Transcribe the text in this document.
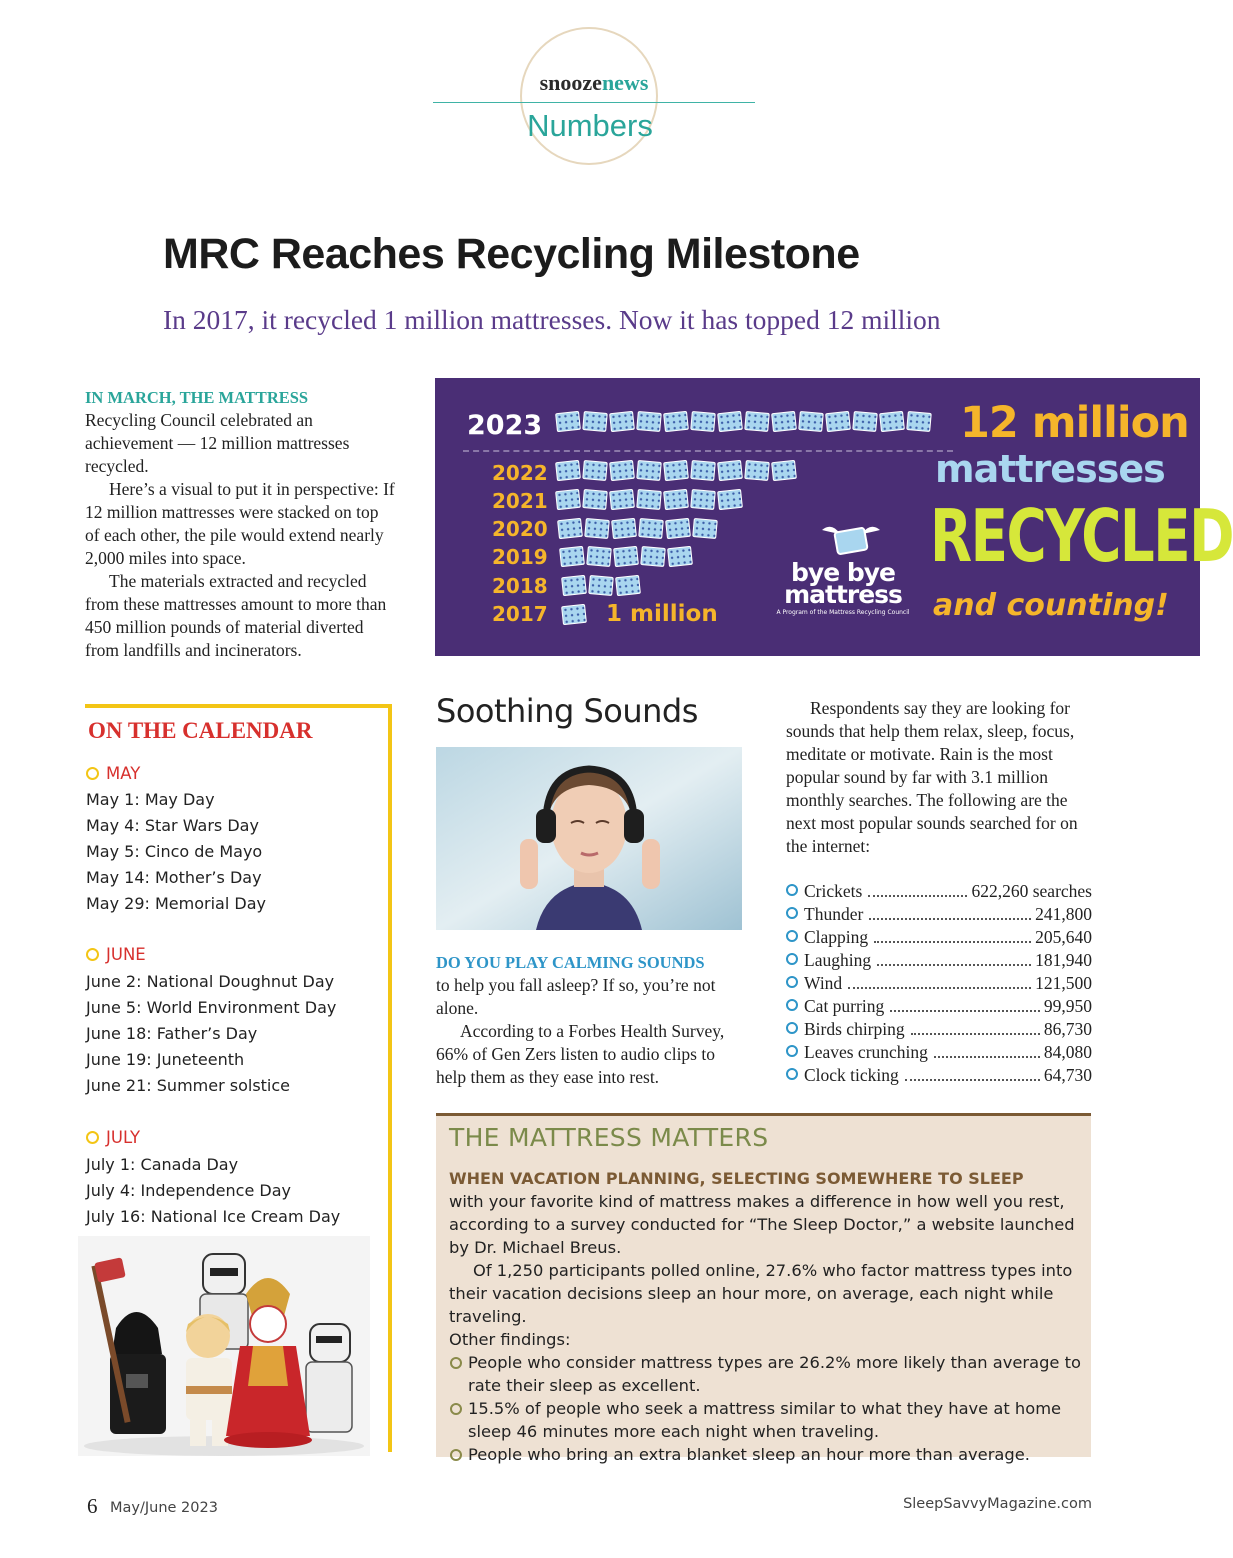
snoozenews
Numbers
MRC Reaches Recycling Milestone
In 2017, it recycled 1 million mattresses. Now it has topped 12 million

IN MARCH, THE MATTRESS
Recycling Council celebrated an achievement — 12 million mattresses recycled.

Here’s a visual to put it in perspective: If 12 million mattresses were stacked on top of each other, the pile would extend nearly 2,000 miles into space.

The materials extracted and recycled from these mattresses amount to more than 450 million pounds of material diverted from landfills and incinerators.

2023
2022
2021
2020
2019
2018
2017	1 million
bye bye
mattress
A Program of the Mattress Recycling Council
12 million
mattresses
RECYCLED
and counting!
ON THE CALENDAR
MAY
May 1: May Day
May 4: Star Wars Day
May 5: Cinco de Mayo
May 14: Mother’s Day
May 29: Memorial Day
JUNE
June 2: National Doughnut Day
June 5: World Environment Day
June 18: Father’s Day
June 19: Juneteenth
June 21: Summer solstice
JULY
July 1: Canada Day
July 4: Independence Day
July 16: National Ice Cream Day
Soothing Sounds

DO YOU PLAY CALMING SOUNDS
to help you fall asleep? If so, you’re not alone.

According to a Forbes Health Survey, 66% of Gen Zers listen to audio clips to help them as they ease into rest.

Respondents say they are looking for sounds that help them relax, sleep, focus, meditate or motivate. Rain is the most popular sound by far with 3.1 million monthly searches. The following are the next most popular sounds searched for on the internet:

Crickets	622,260 searches
Thunder	241,800
Clapping	205,640
Laughing	181,940
Wind	121,500
Cat purring	99,950
Birds chirping	86,730
Leaves crunching	84,080
Clock ticking	64,730
THE MATTRESS MATTERS

WHEN VACATION PLANNING, SELECTING SOMEWHERE TO SLEEP
with your favorite kind of mattress makes a difference in how well you rest, according to a survey conducted for “The Sleep Doctor,” a website launched by Dr. Michael Breus.

Of 1,250 participants polled online, 27.6% who factor mattress types into their vacation decisions sleep an hour more, on average, each night while traveling.

Other findings:

People who consider mattress types are 26.2% more likely than average to rate their sleep as excellent.
15.5% of people who seek a mattress similar to what they have at home sleep 46 minutes more each night when traveling.
People who bring an extra blanket sleep an hour more than average.
6 May/June 2023	SleepSavvyMagazine.com
